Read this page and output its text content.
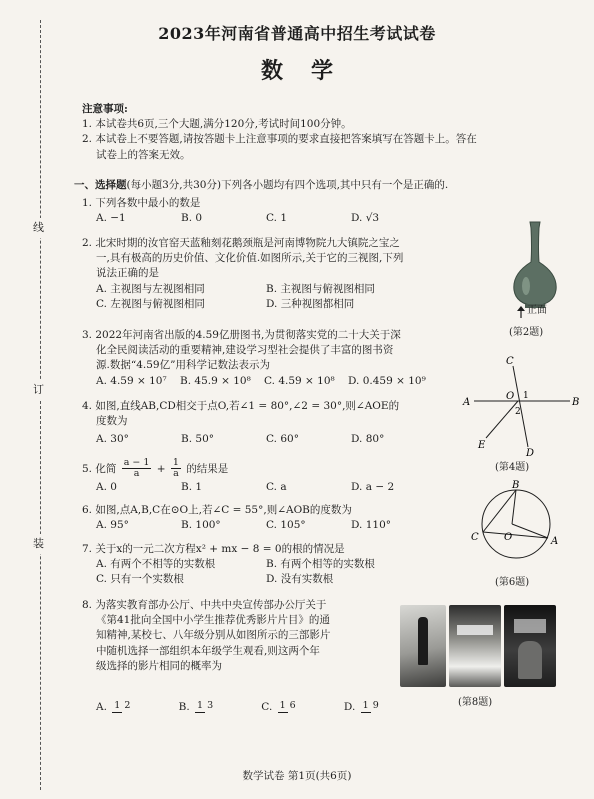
线
订
装
2023年河南省普通高中招生考试试卷
数学

注意事项:

1. 本试卷共6页,三个大题,满分120分,考试时间100分钟。

2. 本试卷上不要答题,请按答题卡上注意事项的要求直接把答案填写在答题卡上。答在

试卷上的答案无效。

一、选择题(每小题3分,共30分)下列各小题均有四个选项,其中只有一个是正确的.
1. 下列各数中最小的数是
A. −1	B. 0	C. 1	D. √3
2. 北宋时期的汝官窑天蓝釉刻花鹅颈瓶是河南博物院九大镇院之宝之
一,具有极高的历史价值、文化价值.如图所示,关于它的三视图,下列
说法正确的是
A. 主视图与左视图相同	B. 主视图与俯视图相同
C. 左视图与俯视图相同	D. 三种视图都相同
3. 2022年河南省出版的4.59亿册图书,为贯彻落实党的二十大关于深
化全民阅读活动的重要精神,建设学习型社会提供了丰富的图书资
源.数据“4.59亿”用科学记数法表示为
A. 4.59 × 10⁷	B. 45.9 × 10⁸	C. 4.59 × 10⁸	D. 0.459 × 10⁹
4. 如图,直线AB,CD相交于点O,若∠1 = 80°,∠2 = 30°,则∠AOE的
度数为
A. 30°	B. 50°	C. 60°	D. 80°
5. 化简 $\frac{a - 1}{a} + \frac{1}{a}$ 的结果是
A. 0	B. 1	C. a	D. a − 2
6. 如图,点A,B,C在⊙O上,若∠C = 55°,则∠AOB的度数为
A. 95°	B. 100°	C. 105°	D. 110°
7. 关于x的一元二次方程x² + mx − 8 = 0的根的情况是
A. 有两个不相等的实数根	B. 有两个相等的实数根
C. 只有一个实数根	D. 没有实数根
8. 为落实教育部办公厅、中共中央宣传部办公厅关于
《第41批向全国中小学生推荐优秀影片片目》的通
知精神,某校七、八年级分别从如图所示的三部影片
中随机选择一部组织本年级学生观看,则这两个年
级选择的影片相同的概率为
A. 1 2	B. 1 3	C. 1 6	D. 1 9
正面
(第2题)
C
A	B
O 1
2
E
D
(第4题)
B
O
C	A
(第6题)
(第8题)
数学试卷 第1页(共6页)
